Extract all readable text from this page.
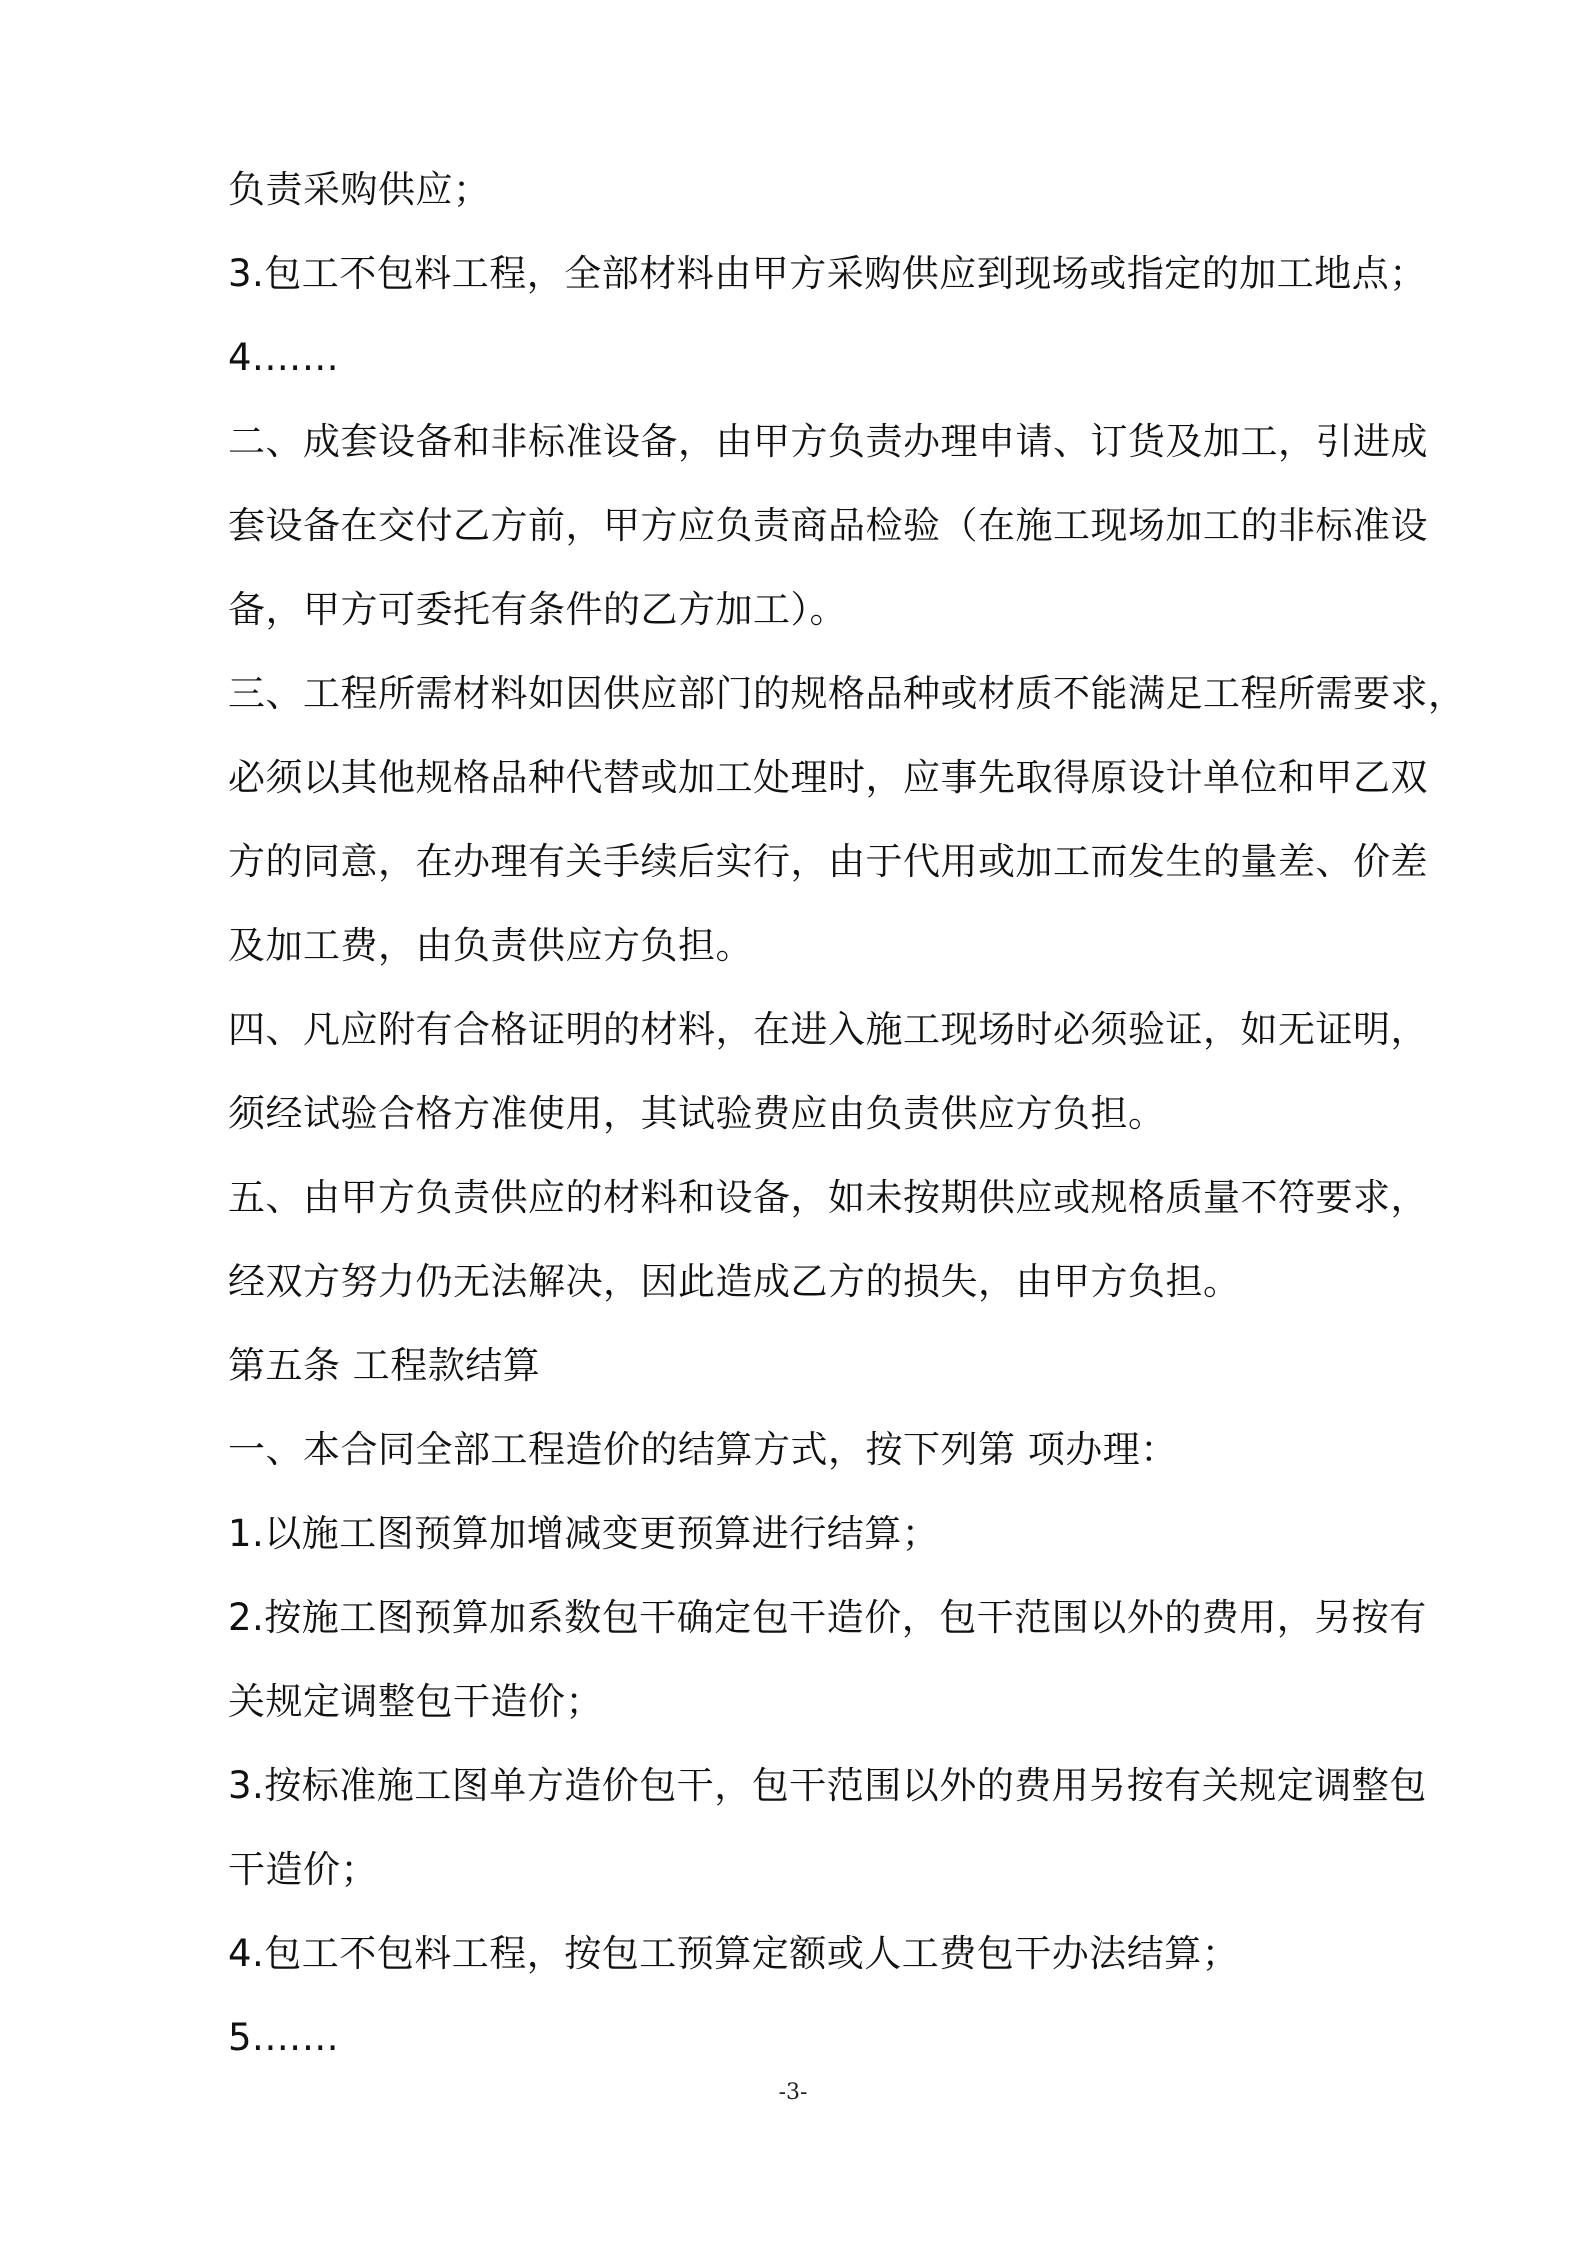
负责采购供应；
3.包工不包料工程，全部材料由甲方采购供应到现场或指定的加工地点；
4.……
二、成套设备和非标准设备，由甲方负责办理申请、订货及加工，引进成
套设备在交付乙方前，甲方应负责商品检验（在施工现场加工的非标准设
备，甲方可委托有条件的乙方加工）。
三、工程所需材料如因供应部门的规格品种或材质不能满足工程所需要求，
必须以其他规格品种代替或加工处理时，应事先取得原设计单位和甲乙双
方的同意，在办理有关手续后实行，由于代用或加工而发生的量差、价差
及加工费，由负责供应方负担。
四、凡应附有合格证明的材料，在进入施工现场时必须验证，如无证明，
须经试验合格方准使用，其试验费应由负责供应方负担。
五、由甲方负责供应的材料和设备，如未按期供应或规格质量不符要求，
经双方努力仍无法解决，因此造成乙方的损失，由甲方负担。
第五条 工程款结算
一、本合同全部工程造价的结算方式，按下列第 项办理：
1.以施工图预算加增减变更预算进行结算；
2.按施工图预算加系数包干确定包干造价，包干范围以外的费用，另按有
关规定调整包干造价；
3.按标准施工图单方造价包干，包干范围以外的费用另按有关规定调整包
干造价；
4.包工不包料工程，按包工预算定额或人工费包干办法结算；
5.……
-3-
